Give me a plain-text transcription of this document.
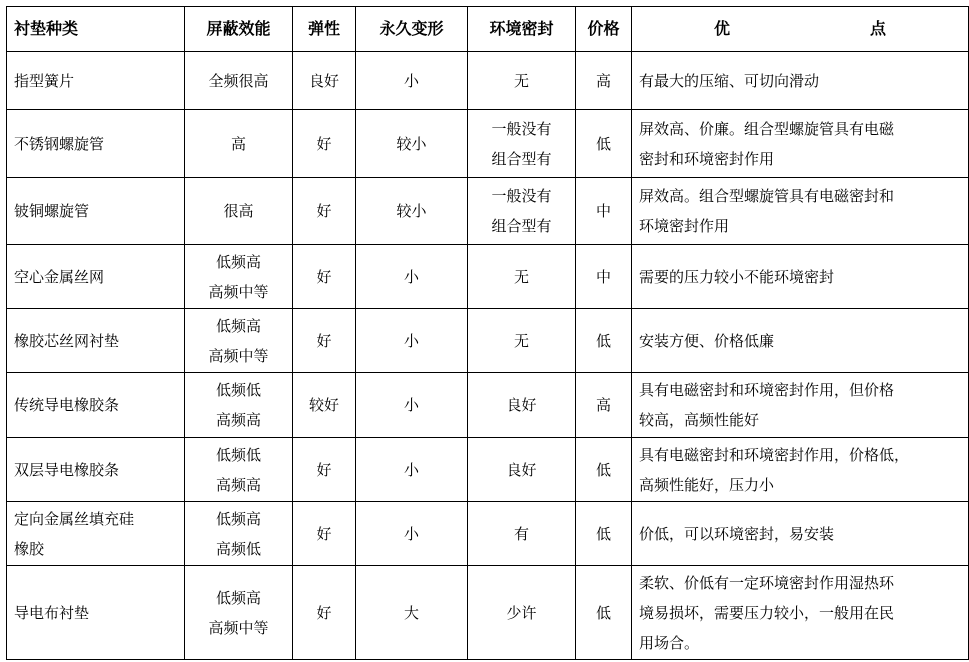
衬垫种类	屏蔽效能	弹性	永久变形	环境密封	价格	优 点

指型簧片	全频很高	良好	小	无	高	有最大的压缩、可切向滑动

不锈钢螺旋管	高	好	较小	一般没有
组合型有	低	屏效高、价廉。组合型螺旋管具有电磁
密封和环境密封作用

铍铜螺旋管	很高	好	较小	一般没有
组合型有	中	屏效高。组合型螺旋管具有电磁密封和
环境密封作用

空心金属丝网	低频高
高频中等	好	小	无	中	需要的压力较小不能环境密封

橡胶芯丝网衬垫	低频高
高频中等	好	小	无	低	安装方便、价格低廉

传统导电橡胶条	低频低
高频高	较好	小	良好	高	具有电磁密封和环境密封作用，但价格
较高，高频性能好

双层导电橡胶条	低频低
高频高	好	小	良好	低	具有电磁密封和环境密封作用，价格低，
高频性能好，压力小

定向金属丝填充硅
橡胶	低频高
高频低	好	小	有	低	价低，可以环境密封，易安装

导电布衬垫	低频高
高频中等	好	大	少许	低	柔软、价低有一定环境密封作用湿热环
境易损坏，需要压力较小，一般用在民
用场合。
